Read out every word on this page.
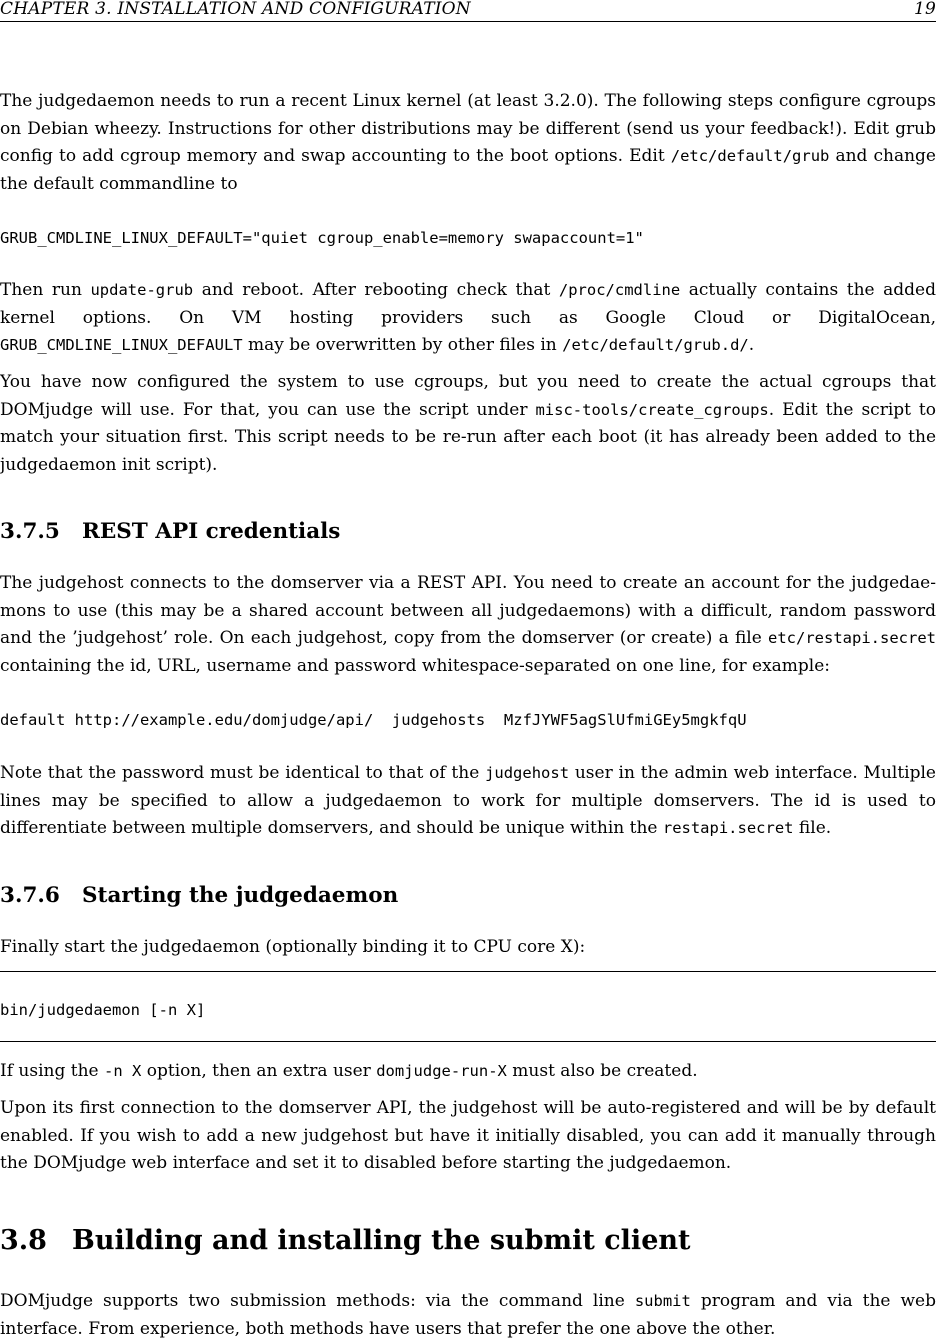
CHAPTER 3. INSTALLATION AND CONFIGURATION	19

The judgedaemon needs to run a recent Linux kernel (at least 3.2.0). The following steps configure cgroups on Debian wheezy. Instructions for other distributions may be different (send us your feedback!). Edit grub config to add cgroup memory and swap accounting to the boot options. Edit /etc/default/grub and change the default commandline to

GRUB_CMDLINE_LINUX_DEFAULT="quiet cgroup_enable=memory swapaccount=1"

Then run update-grub and reboot. After rebooting check that /proc/cmdline actually contains the added kernel options. On VM hosting providers such as Google Cloud or DigitalOcean, GRUB_CMDLINE_LINUX_DEFAULT may be overwritten by other files in /etc/default/grub.d/.

You have now configured the system to use cgroups, but you need to create the actual cgroups that DOMjudge will use. For that, you can use the script under misc-tools/create_cgroups. Edit the script to match your situation first. This script needs to be re-run after each boot (it has already been added to the judgedaemon init script).

3.7.5 REST API credentials

The judgehost connects to the domserver via a REST API. You need to create an account for the judgedae-mons to use (this may be a shared account between all judgedaemons) with a difficult, random password and the ’judgehost’ role. On each judgehost, copy from the domserver (or create) a file etc/restapi.secret containing the id, URL, username and password whitespace-separated on one line, for example:

default http://example.edu/domjudge/api/  judgehosts  MzfJYWF5agSlUfmiGEy5mgkfqU

Note that the password must be identical to that of the judgehost user in the admin web interface. Multiple lines may be specified to allow a judgedaemon to work for multiple domservers. The id is used to differentiate between multiple domservers, and should be unique within the restapi.secret file.

3.7.6 Starting the judgedaemon

Finally start the judgedaemon (optionally binding it to CPU core X):

bin/judgedaemon [-n X]

If using the -n X option, then an extra user domjudge-run-X must also be created.

Upon its first connection to the domserver API, the judgehost will be auto-registered and will be by default enabled. If you wish to add a new judgehost but have it initially disabled, you can add it manually through the DOMjudge web interface and set it to disabled before starting the judgedaemon.

3.8 Building and installing the submit client

DOMjudge supports two submission methods: via the command line submit program and via the web interface. From experience, both methods have users that prefer the one above the other.
